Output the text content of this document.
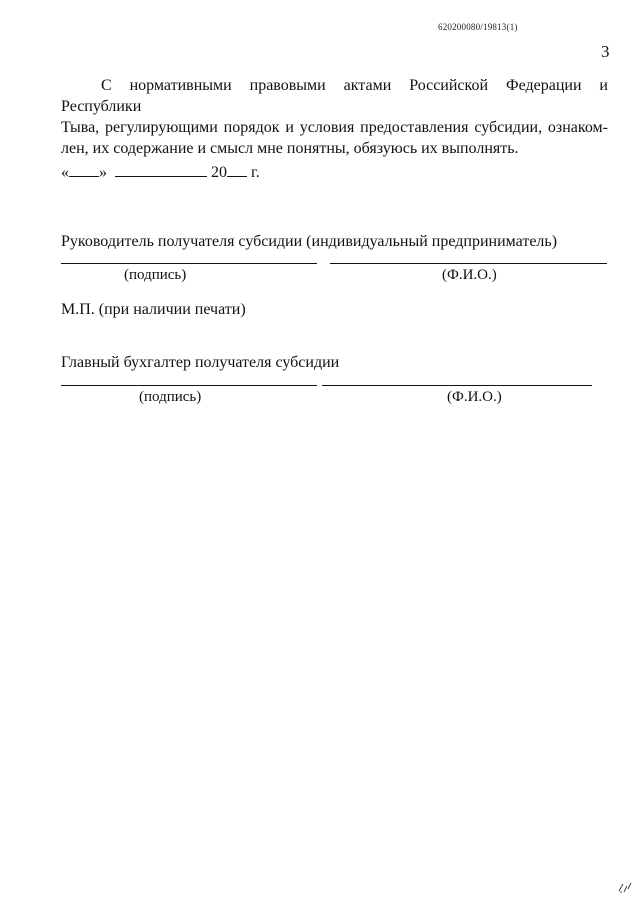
620200080/19813(1)
3

С нормативными правовыми актами Российской Федерации и Республики

Тыва, регулирующими порядок и условия предоставления субсидии, ознаком-

лен, их содержание и смысл мне понятны, обязуюсь их выполнять.

« »	20 г.
Руководитель получателя субсидии (индивидуальный предприниматель)
(подпись)	(Ф.И.О.)
М.П. (при наличии печати)
Главный бухгалтер получателя субсидии
(подпись)	(Ф.И.О.)
